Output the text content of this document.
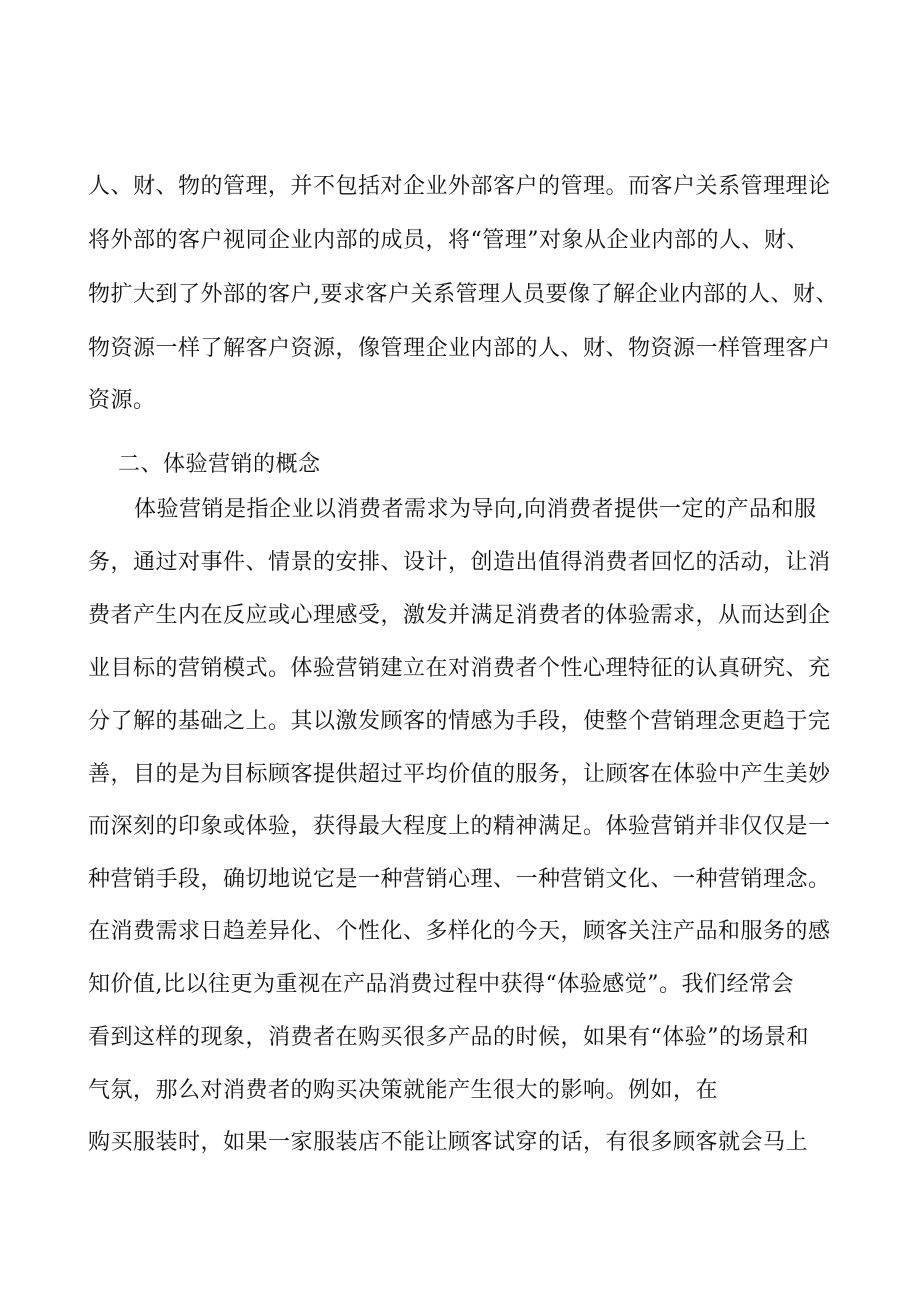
人、财、物的管理，并不包括对企业外部客户的管理。而客户关系管理理论
将外部的客户视同企业内部的成员，将“管理”对象从企业内部的人、财、
物扩大到了外部的客户,要求客户关系管理人员要像了解企业内部的人、财、
物资源一样了解客户资源，像管理企业内部的人、财、物资源一样管理客户
资源。
二、体验营销的概念
体验营销是指企业以消费者需求为导向,向消费者提供一定的产品和服
务，通过对事件、情景的安排、设计，创造出值得消费者回忆的活动，让消
费者产生内在反应或心理感受，激发并满足消费者的体验需求，从而达到企
业目标的营销模式。体验营销建立在对消费者个性心理特征的认真研究、充
分了解的基础之上。其以激发顾客的情感为手段，使整个营销理念更趋于完
善，目的是为目标顾客提供超过平均价值的服务，让顾客在体验中产生美妙
而深刻的印象或体验，获得最大程度上的精神满足。体验营销并非仅仅是一
种营销手段，确切地说它是一种营销心理、一种营销文化、一种营销理念。
在消费需求日趋差异化、个性化、多样化的今天，顾客关注产品和服务的感
知价值,比以往更为重视在产品消费过程中获得“体验感觉”。我们经常会
看到这样的现象，消费者在购买很多产品的时候，如果有“体验”的场景和
气氛，那么对消费者的购买决策就能产生很大的影响。例如，在
购买服装时，如果一家服装店不能让顾客试穿的话，有很多顾客就会马上
